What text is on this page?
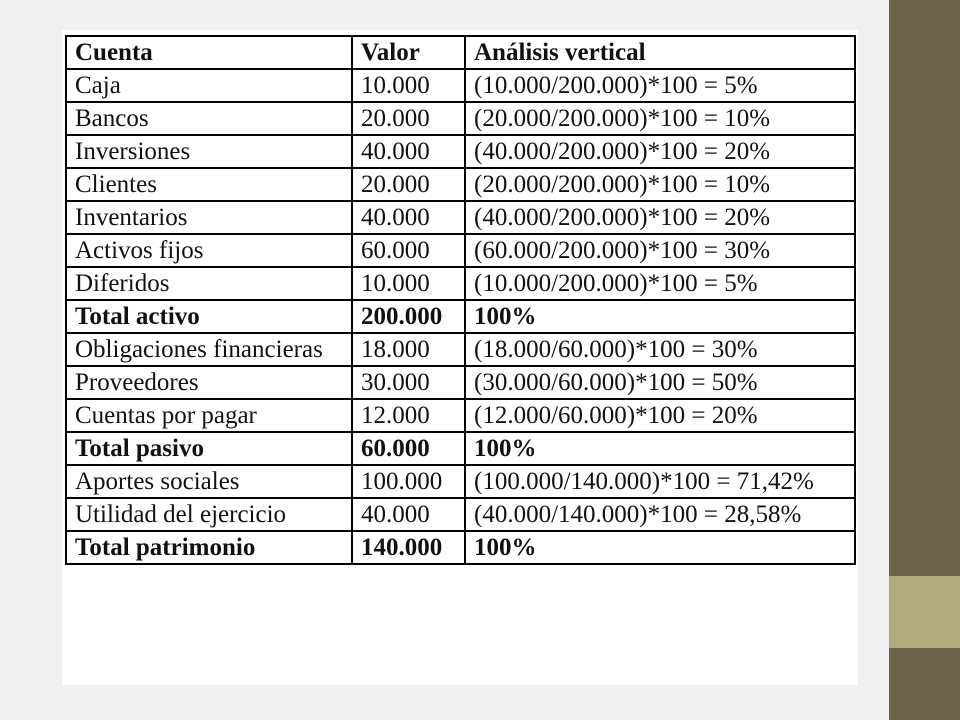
Cuenta	Valor	Análisis vertical
Caja	10.000	(10.000/200.000)*100 = 5%
Bancos	20.000	(20.000/200.000)*100 = 10%
Inversiones	40.000	(40.000/200.000)*100 = 20%
Clientes	20.000	(20.000/200.000)*100 = 10%
Inventarios	40.000	(40.000/200.000)*100 = 20%
Activos fijos	60.000	(60.000/200.000)*100 = 30%
Diferidos	10.000	(10.000/200.000)*100 = 5%
Total activo	200.000	100%
Obligaciones financieras	18.000	(18.000/60.000)*100 = 30%
Proveedores	30.000	(30.000/60.000)*100 = 50%
Cuentas por pagar	12.000	(12.000/60.000)*100 = 20%
Total pasivo	60.000	100%
Aportes sociales	100.000	(100.000/140.000)*100 = 71,42%
Utilidad del ejercicio	40.000	(40.000/140.000)*100 = 28,58%
Total patrimonio	140.000	100%
